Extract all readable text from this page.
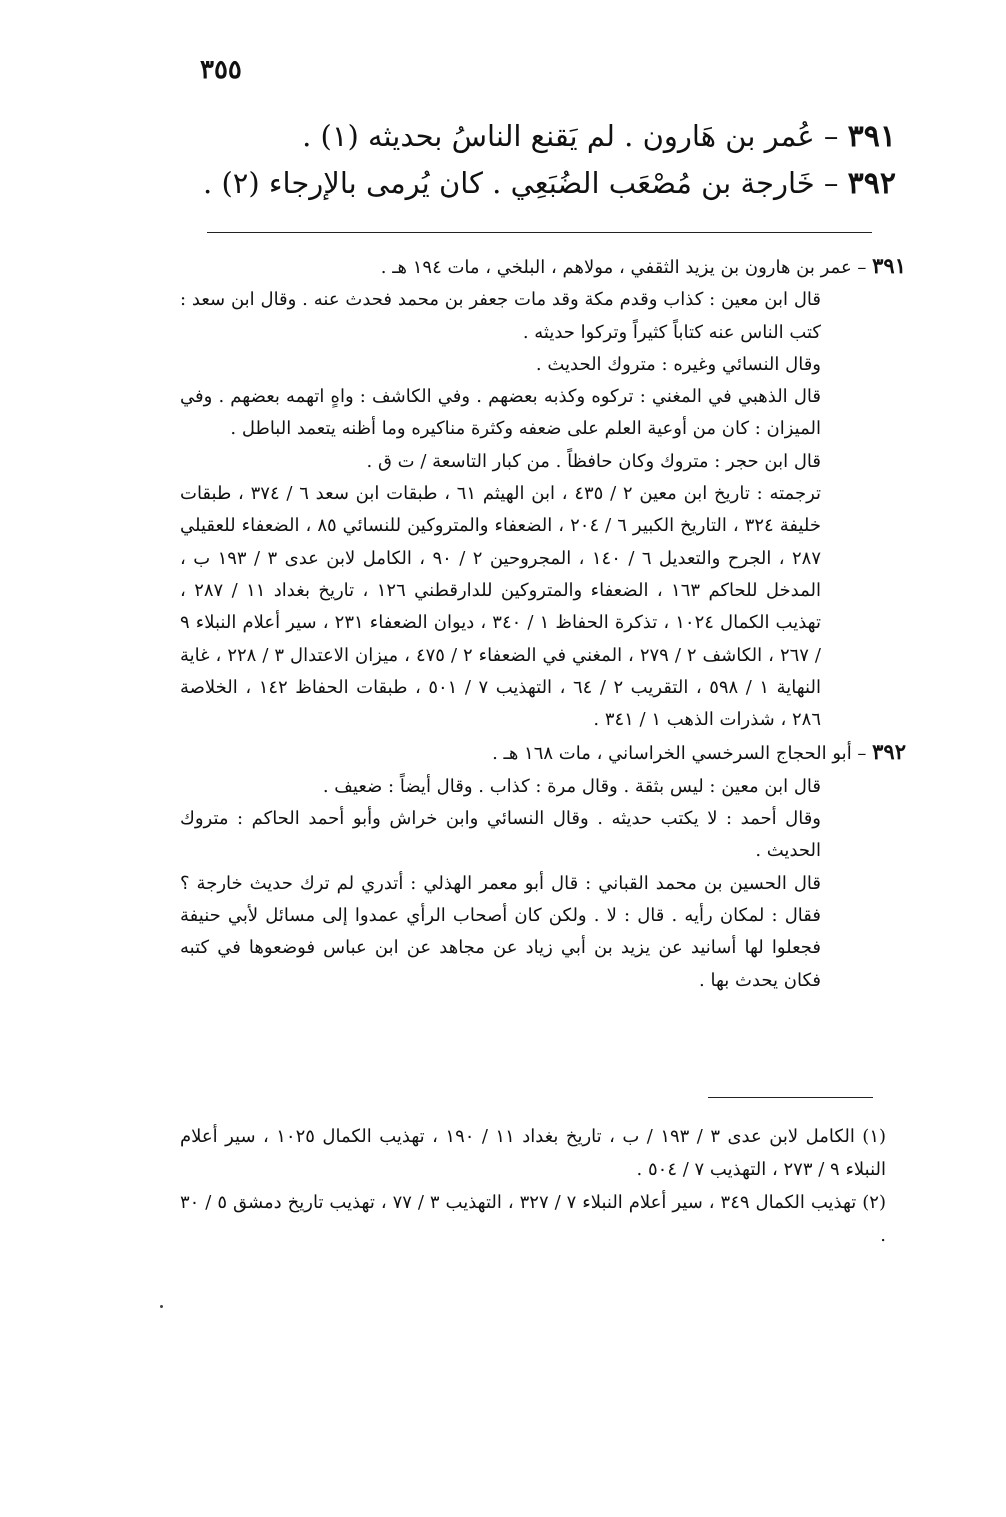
٣٥٥
٣٩١ – عُمر بن هَارون . لم يَقنع الناسُ بحديثه (١) .
٣٩٢ – خَارجة بن مُصْعَب الضُبَعِي . كان يُرمى بالإرجاء (٢) .
٣٩١ – عمر بن هارون بن يزيد الثقفي ، مولاهم ، البلخي ، مات ١٩٤ هـ .
قال ابن معين : كذاب وقدم مكة وقد مات جعفر بن محمد فحدث عنه . وقال ابن سعد : كتب الناس عنه كتاباً كثيراً وتركوا حديثه .
وقال النسائي وغيره : متروك الحديث .
قال الذهبي في المغني : تركوه وكذبه بعضهم . وفي الكاشف : واهٍ اتهمه بعضهم . وفي الميزان : كان من أوعية العلم على ضعفه وكثرة مناكيره وما أظنه يتعمد الباطل .
قال ابن حجر : متروك وكان حافظاً . من كبار التاسعة / ت ق .
ترجمته : تاريخ ابن معين ٢ / ٤٣٥ ، ابن الهيثم ٦١ ، طبقات ابن سعد ٦ / ٣٧٤ ، طبقات خليفة ٣٢٤ ، التاريخ الكبير ٦ / ٢٠٤ ، الضعفاء والمتروكين للنسائي ٨٥ ، الضعفاء للعقيلي ٢٨٧ ، الجرح والتعديل ٦ / ١٤٠ ، المجروحين ٢ / ٩٠ ، الكامل لابن عدى ٣ / ١٩٣ ب ، المدخل للحاكم ١٦٣ ، الضعفاء والمتروكين للدارقطني ١٢٦ ، تاريخ بغداد ١١ / ٢٨٧ ، تهذيب الكمال ١٠٢٤ ، تذكرة الحفاظ ١ / ٣٤٠ ، ديوان الضعفاء ٢٣١ ، سير أعلام النبلاء ٩ / ٢٦٧ ، الكاشف ٢ / ٢٧٩ ، المغني في الضعفاء ٢ / ٤٧٥ ، ميزان الاعتدال ٣ / ٢٢٨ ، غاية النهاية ١ / ٥٩٨ ، التقريب ٢ / ٦٤ ، التهذيب ٧ / ٥٠١ ، طبقات الحفاظ ١٤٢ ، الخلاصة ٢٨٦ ، شذرات الذهب ١ / ٣٤١ .
٣٩٢ – أبو الحجاج السرخسي الخراساني ، مات ١٦٨ هـ .
قال ابن معين : ليس بثقة . وقال مرة : كذاب . وقال أيضاً : ضعيف .
وقال أحمد : لا يكتب حديثه . وقال النسائي وابن خراش وأبو أحمد الحاكم : متروك الحديث .
قال الحسين بن محمد القباني : قال أبو معمر الهذلي : أتدري لم ترك حديث خارجة ؟ فقال : لمكان رأيه . قال : لا . ولكن كان أصحاب الرأي عمدوا إلى مسائل لأبي حنيفة فجعلوا لها أسانيد عن يزيد بن أبي زياد عن مجاهد عن ابن عباس فوضعوها في كتبه فكان يحدث بها .
(١) الكامل لابن عدى ٣ / ١٩٣ / ب ، تاريخ بغداد ١١ / ١٩٠ ، تهذيب الكمال ١٠٢٥ ، سير أعلام النبلاء ٩ / ٢٧٣ ، التهذيب ٧ / ٥٠٤ .
(٢) تهذيب الكمال ٣٤٩ ، سير أعلام النبلاء ٧ / ٣٢٧ ، التهذيب ٣ / ٧٧ ، تهذيب تاريخ دمشق ٥ / ٣٠ .
